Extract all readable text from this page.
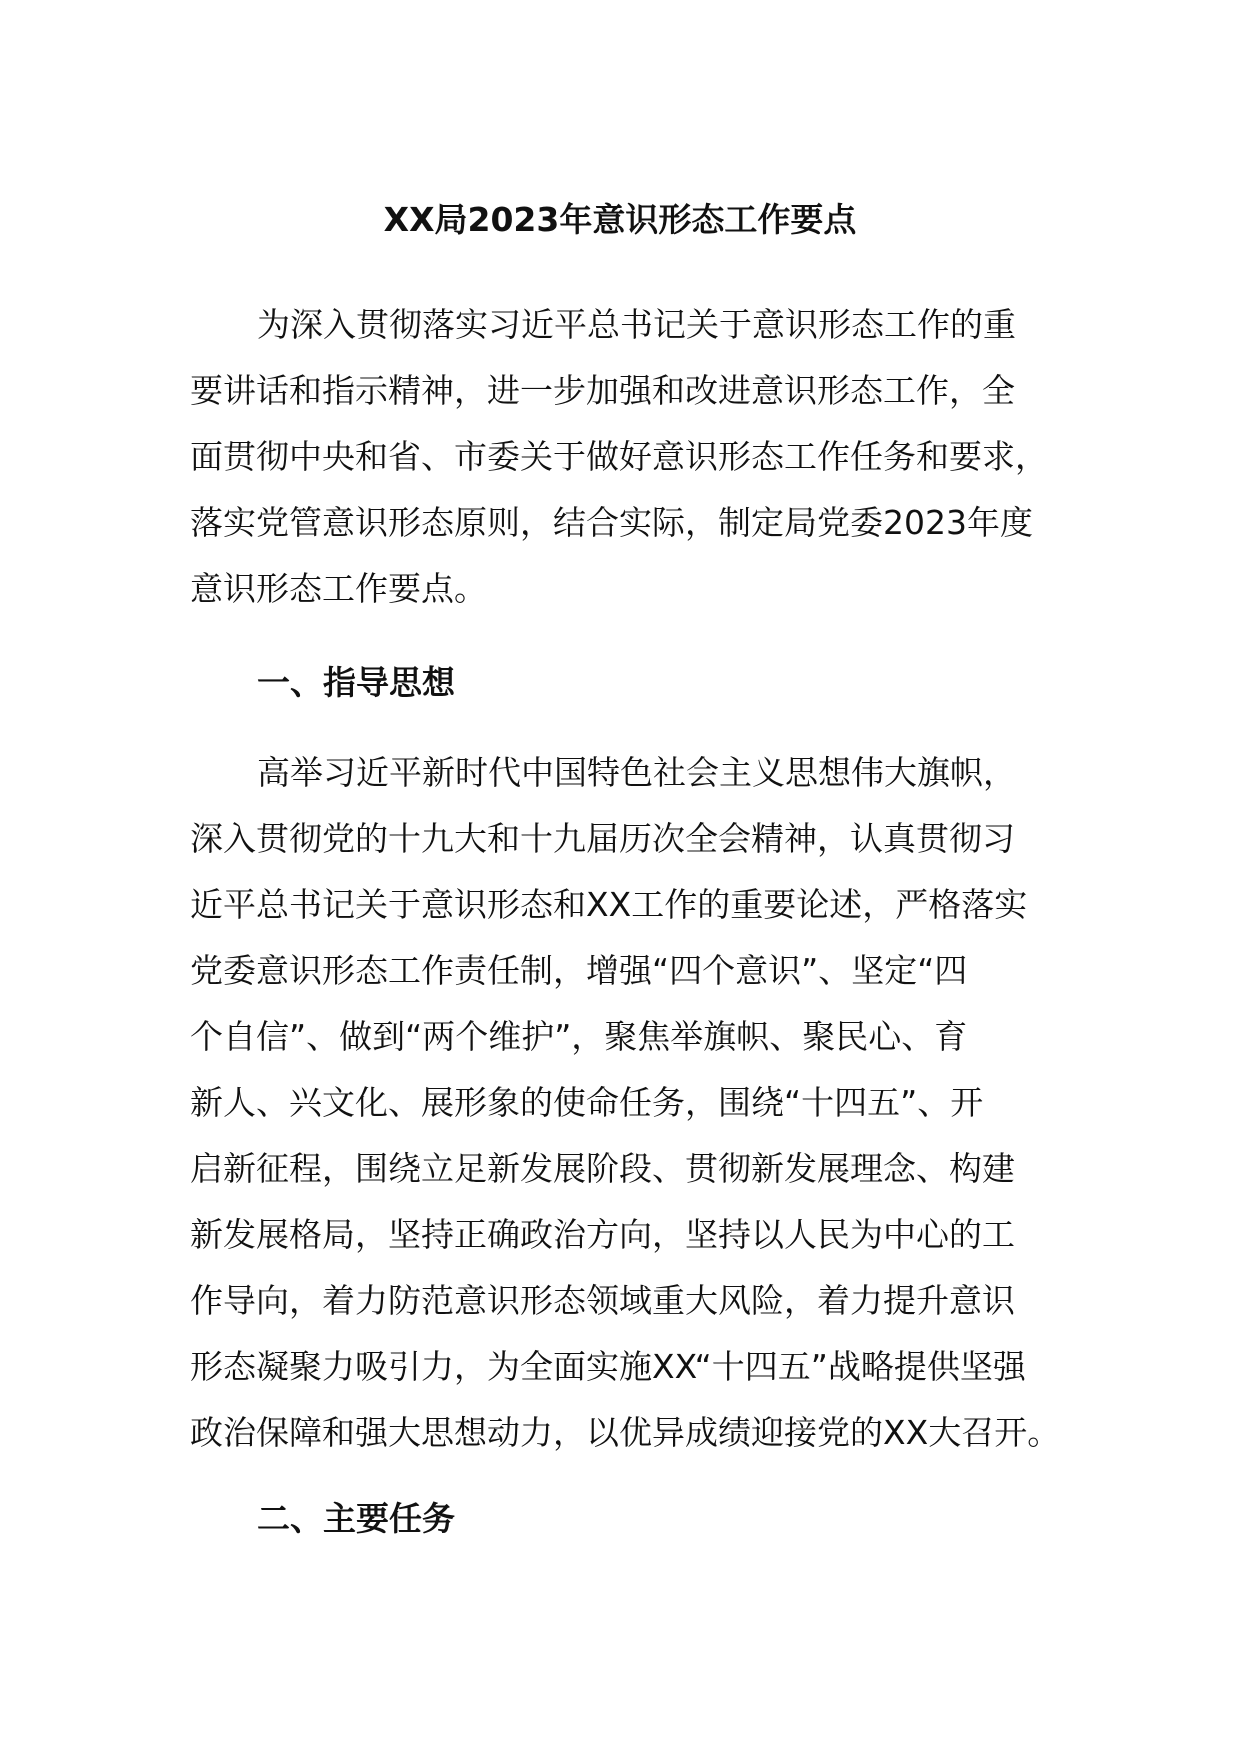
XX局2023年意识形态工作要点
为深入贯彻落实习近平总书记关于意识形态工作的重
要讲话和指示精神，进一步加强和改进意识形态工作，全
面贯彻中央和省、市委关于做好意识形态工作任务和要求，
落实党管意识形态原则，结合实际，制定局党委2023年度
意识形态工作要点。
一、指导思想
高举习近平新时代中国特色社会主义思想伟大旗帜，
深入贯彻党的十九大和十九届历次全会精神，认真贯彻习
近平总书记关于意识形态和XX工作的重要论述，严格落实
党委意识形态工作责任制，增强“四个意识”、坚定“四
个自信”、做到“两个维护”，聚焦举旗帜、聚民心、育
新人、兴文化、展形象的使命任务，围绕“十四五”、开
启新征程，围绕立足新发展阶段、贯彻新发展理念、构建
新发展格局，坚持正确政治方向，坚持以人民为中心的工
作导向，着力防范意识形态领域重大风险，着力提升意识
形态凝聚力吸引力，为全面实施XX“十四五”战略提供坚强
政治保障和强大思想动力，以优异成绩迎接党的XX大召开。
二、主要任务
